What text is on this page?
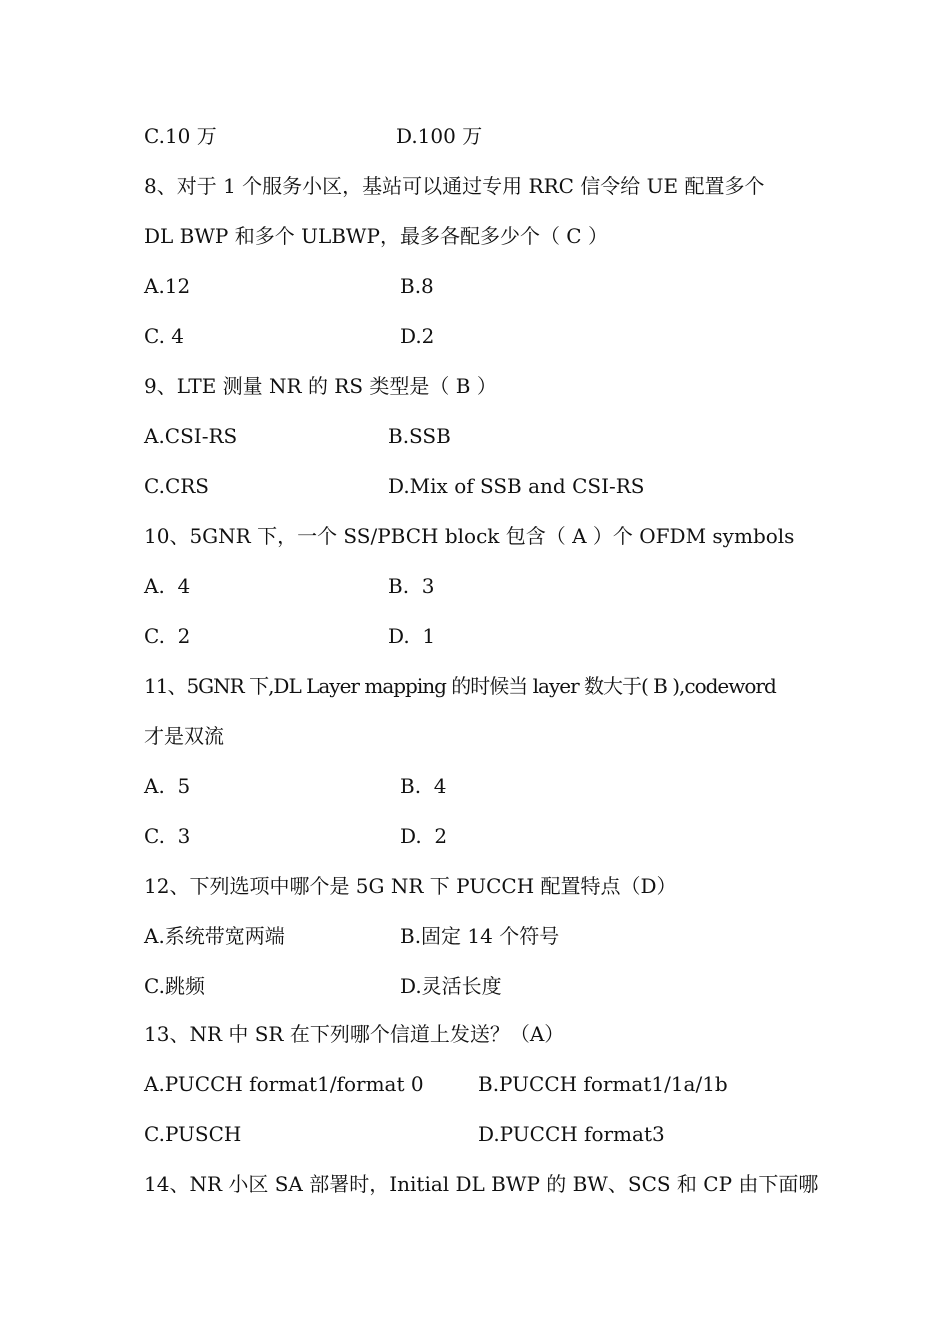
C.10 万	D.100 万
8、对于 1 个服务小区，基站可以通过专用 RRC 信令给 UE 配置多个
DL BWP 和多个 ULBWP，最多各配多少个（ C ）
A.12	B.8
C. 4	D.2
9、LTE 测量 NR 的 RS 类型是（ B ）
A.CSI-RS	B.SSB
C.CRS	D.Mix of SSB and CSI-RS
10、5GNR 下，一个 SS/PBCH block 包含（ A ）个 OFDM symbols
A.  4	B.  3
C.  2	D.  1
11、5GNR 下,DL Layer mapping 的时候当 layer 数大于( B ),codeword
才是双流
A.  5	B.  4
C.  3	D.  2
12、下列选项中哪个是 5G NR 下 PUCCH 配置特点（D）
A.系统带宽两端	B.固定 14 个符号
C.跳频	D.灵活长度
13、NR 中 SR 在下列哪个信道上发送？（A）
A.PUCCH format1/format 0	B.PUCCH format1/1a/1b
C.PUSCH	D.PUCCH format3
14、NR 小区 SA 部署时，Initial DL BWP 的 BW、SCS 和 CP 由下面哪
